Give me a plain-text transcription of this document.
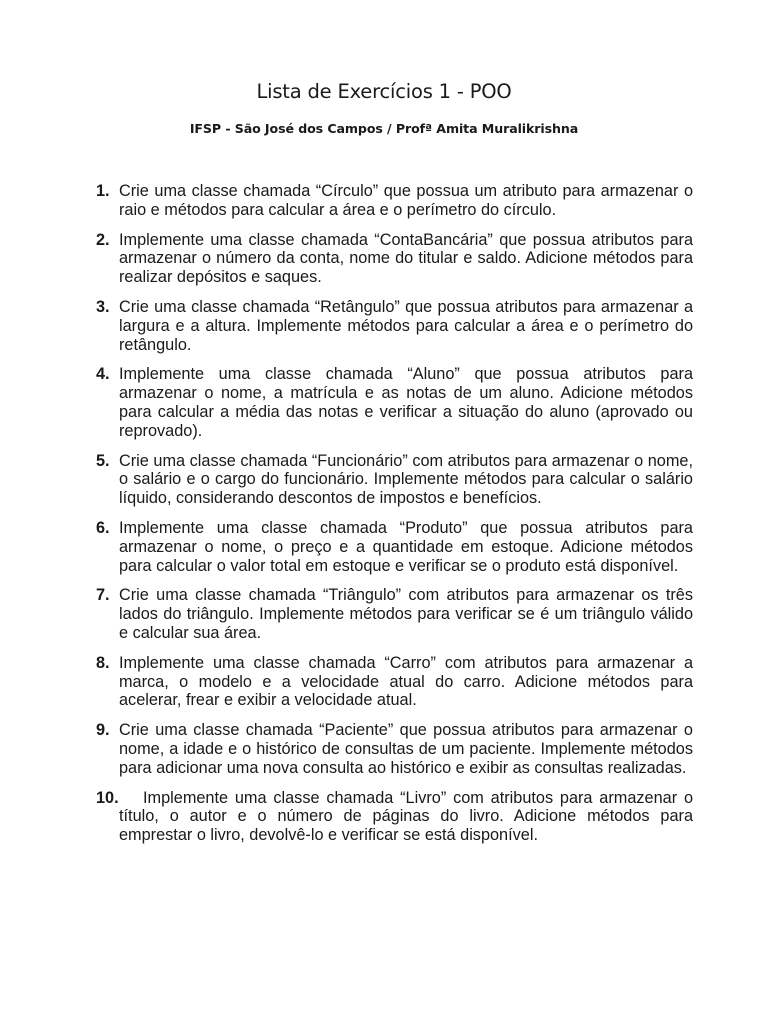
Lista de Exercícios 1 - POO

IFSP - São José dos Campos / Profª Amita Muralikrishna

1. Crie uma classe chamada “Círculo” que possua um atributo para armazenar o raio e métodos para calcular a área e o perímetro do círculo.
2. Implemente uma classe chamada “ContaBancária” que possua atributos para armazenar o número da conta, nome do titular e saldo. Adicione métodos para realizar depósitos e saques.
3. Crie uma classe chamada “Retângulo” que possua atributos para armazenar a largura e a altura. Implemente métodos para calcular a área e o perímetro do retângulo.
4. Implemente uma classe chamada “Aluno” que possua atributos para armazenar o nome, a matrícula e as notas de um aluno. Adicione métodos para calcular a média das notas e verificar a situação do aluno (aprovado ou reprovado).
5. Crie uma classe chamada “Funcionário” com atributos para armazenar o nome, o salário e o cargo do funcionário. Implemente métodos para calcular o salário líquido, considerando descontos de impostos e benefícios.
6. Implemente uma classe chamada “Produto” que possua atributos para armazenar o nome, o preço e a quantidade em estoque. Adicione métodos para calcular o valor total em estoque e verificar se o produto está disponível.
7. Crie uma classe chamada “Triângulo” com atributos para armazenar os três lados do triângulo. Implemente métodos para verificar se é um triângulo válido e calcular sua área.
8. Implemente uma classe chamada “Carro” com atributos para armazenar a marca, o modelo e a velocidade atual do carro. Adicione métodos para acelerar, frear e exibir a velocidade atual.
9. Crie uma classe chamada “Paciente” que possua atributos para armazenar o nome, a idade e o histórico de consultas de um paciente. Implemente métodos para adicionar uma nova consulta ao histórico e exibir as consultas realizadas.
10. Implemente uma classe chamada “Livro” com atributos para armazenar o título, o autor e o número de páginas do livro. Adicione métodos para emprestar o livro, devolvê-lo e verificar se está disponível.
